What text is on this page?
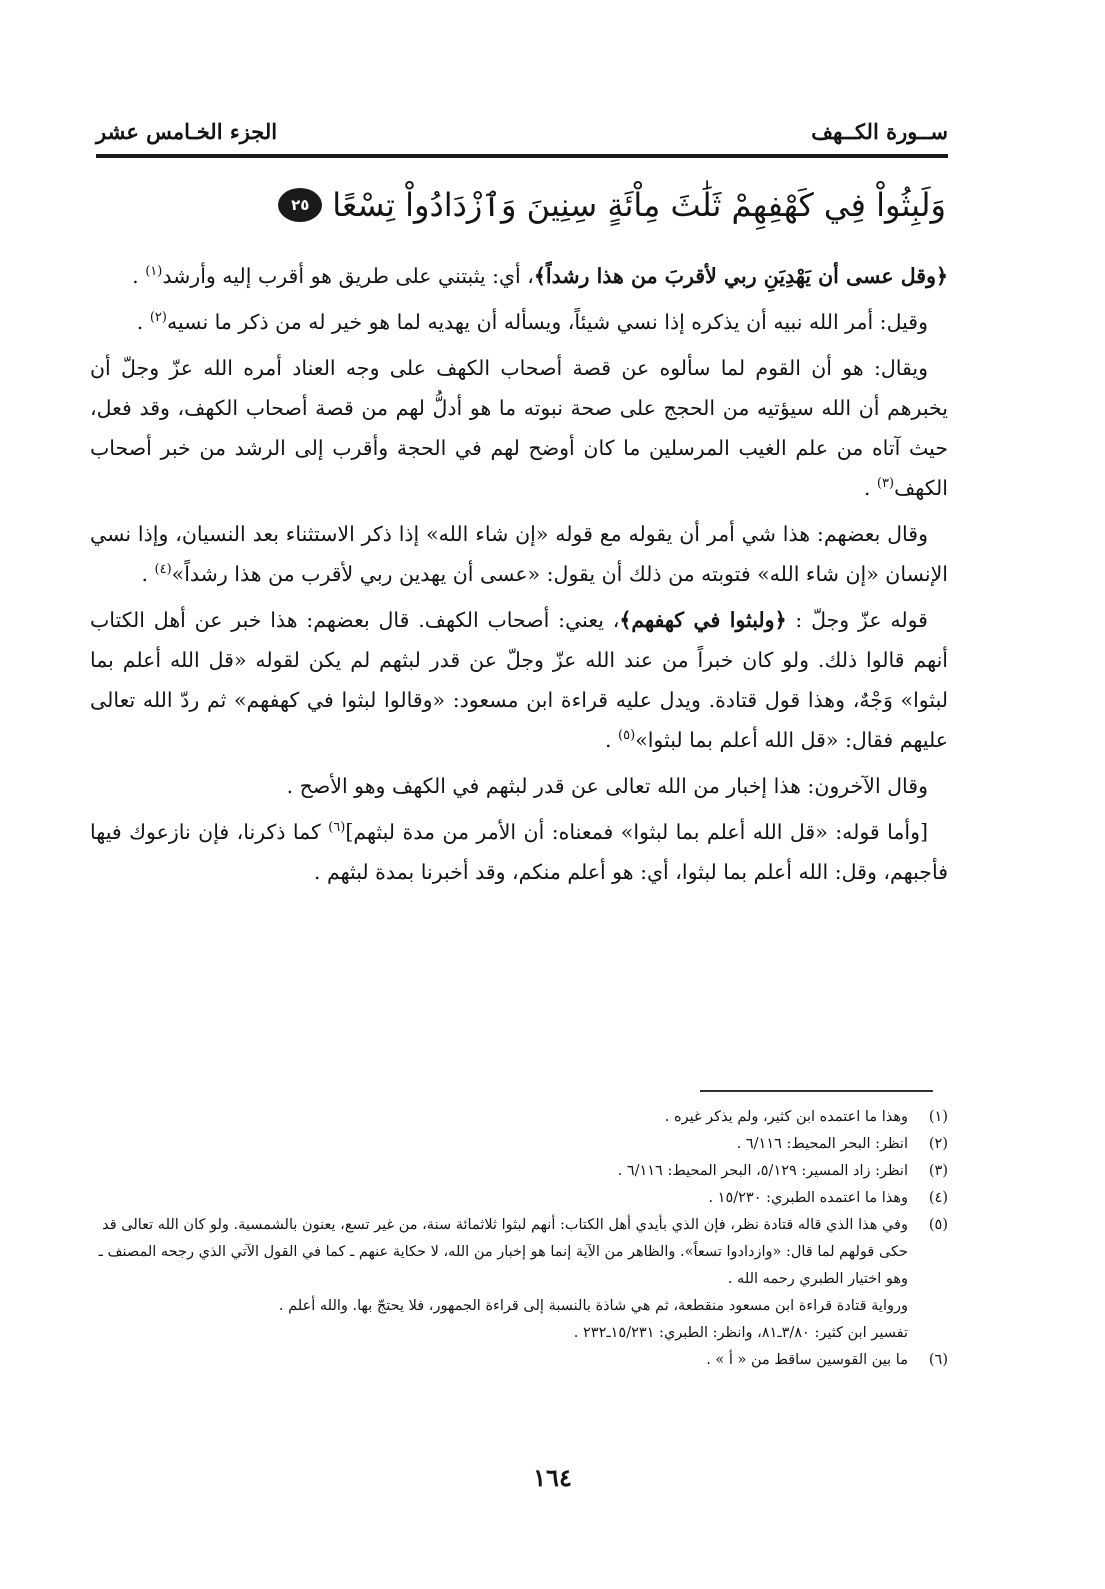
ســورة الكــهف
الجزء الخـامس عشر
وَلَبِثُواْ فِي كَهْفِهِمْ ثَلَٰثَ مِاْئَةٍ سِنِينَ وَٱزْدَادُواْ تِسْعًا
٢٥

﴿وقل عسى أن يَهْدِيَنِ ربي لأقربَ من هذا رشداً﴾، أي: يثبتني على طريق هو أقرب إليه وأرشد$^{(١)}$ .

وقيل: أمر الله نبيه أن يذكره إذا نسي شيئاً، ويسأله أن يهديه لما هو خير له من ذكر ما نسيه$^{(٢)}$ .

ويقال: هو أن القوم لما سألوه عن قصة أصحاب الكهف على وجه العناد أمره الله عزّ وجلّ أن يخبرهم أن الله سيؤتيه من الحجج على صحة نبوته ما هو أدلُّ لهم من قصة أصحاب الكهف، وقد فعل، حيث آتاه من علم الغيب المرسلين ما كان أوضح لهم في الحجة وأقرب إلى الرشد من خبر أصحاب الكهف$^{(٣)}$ .

وقال بعضهم: هذا شي أمر أن يقوله مع قوله «إن شاء الله» إذا ذكر الاستثناء بعد النسيان، وإذا نسي الإنسان «إن شاء الله» فتوبته من ذلك أن يقول: «عسى أن يهدين ربي لأقرب من هذا رشداً»$^{(٤)}$ .

قوله عزّ وجلّ : ﴿ولبثوا في كهفهم﴾، يعني: أصحاب الكهف. قال بعضهم: هذا خبر عن أهل الكتاب أنهم قالوا ذلك. ولو كان خبراً من عند الله عزّ وجلّ عن قدر لبثهم لم يكن لقوله «قل الله أعلم بما لبثوا» وَجْهٌ، وهذا قول قتادة. ويدل عليه قراءة ابن مسعود: «وقالوا لبثوا في كهفهم» ثم ردّ الله تعالى عليهم فقال: «قل الله أعلم بما لبثوا»$^{(٥)}$ .

وقال الآخرون: هذا إخبار من الله تعالى عن قدر لبثهم في الكهف وهو الأصح .

[وأما قوله: «قل الله أعلم بما لبثوا» فمعناه: أن الأمر من مدة لبثهم]$^{(٦)}$ كما ذكرنا، فإن نازعوك فيها فأجبهم، وقل: الله أعلم بما لبثوا، أي: هو أعلم منكم، وقد أخبرنا بمدة لبثهم .

(١)
وهذا ما اعتمده ابن كثير، ولم يذكر غيره .
(٢)
انظر: البحر المحيط: ٦/١١٦ .
(٣)
انظر: زاد المسير: ٥/١٢٩، البحر المحيط: ٦/١١٦ .
(٤)
وهذا ما اعتمده الطبري: ١٥/٢٣٠ .
(٥)
وفي هذا الذي قاله قتادة نظر، فإن الذي بأيدي أهل الكتاب: أنهم لبثوا ثلاثمائة سنة، من غير تسع، يعنون بالشمسية. ولو كان الله تعالى قد حكى قولهم لما قال: «وازدادوا تسعاً». والظاهر من الآية إنما هو إخبار من الله، لا حكاية عنهم ـ كما في القول الآتي الذي رجحه المصنف ـ وهو اختيار الطبري رحمه الله .
ورواية قتادة قراءة ابن مسعود منقطعة، ثم هي شاذة بالنسبة إلى قراءة الجمهور، فلا يحتجّ بها. والله أعلم .
تفسير ابن كثير: ٣/٨٠ـ٨١، وانظر: الطبري: ١٥/٢٣١ـ٢٣٢ .
(٦)
ما بين القوسين ساقط من « أ » .
١٦٤
